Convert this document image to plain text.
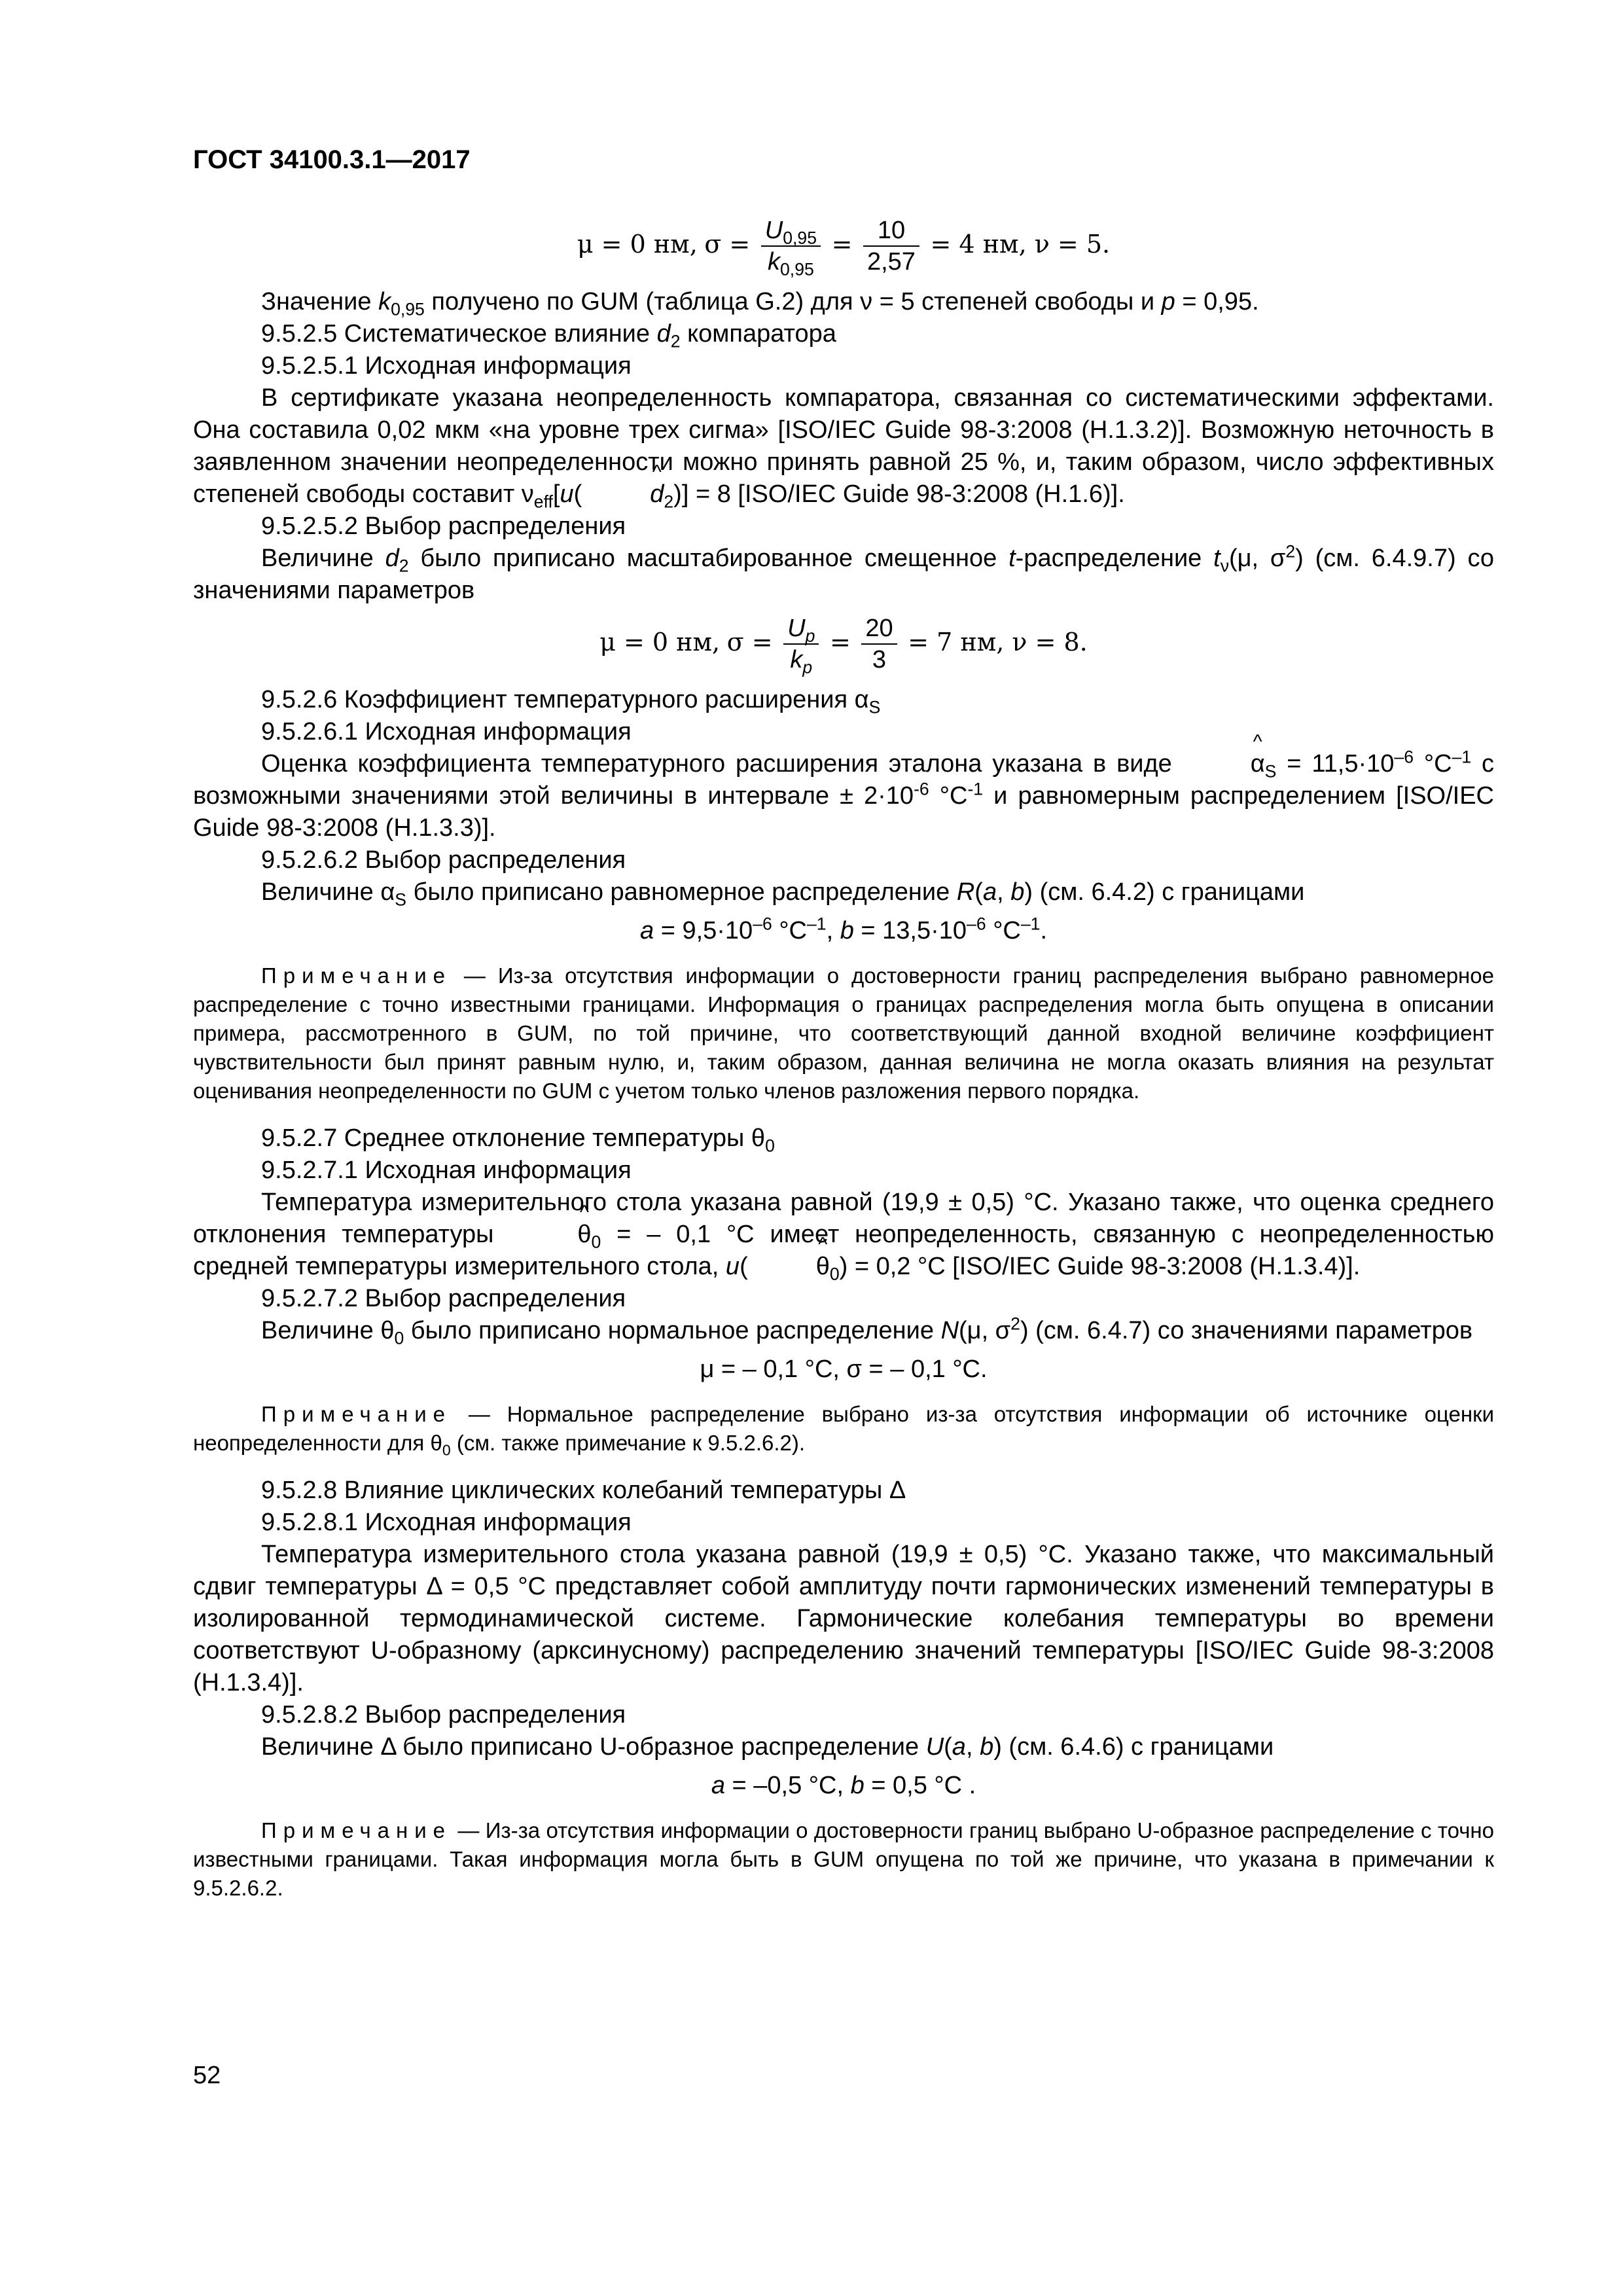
ГОСТ 34100.3.1—2017
μ = 0 нм, $\sigma = \frac{U_{0,95}}{k_{0,95}} = \frac{10}{2,57} = 4$ нм, ν = 5.

Значение $k_{0,95}$ получено по GUM (таблица G.2) для ν = 5 степеней свободы и p = 0,95.

9.5.2.5 Систематическое влияние $d_2$ компаратора

9.5.2.5.1 Исходная информация

В сертификате указана неопределенность компаратора, связанная со систематическими эффектами. Она составила 0,02 мкм «на уровне трех сигма» [ISO/IEC Guide 98-3:2008 (H.1.3.2)]. Возможную неточность в заявленном значении неопределенности можно принять равной 25 %, и, таким образом, число эффективных степеней свободы составит $\nu_{eff}[u(\^{}$	$d_2)] = 8$ [ISO/IEC Guide 98-3:2008 (H.1.6)].

9.5.2.5.2 Выбор распределения

Величине $d_2$ было приписано масштабированное смещенное t-распределение $t_\nu(\mu$, $\sigma^2$) (см. 6.4.9.7) со значениями параметров

μ = 0 нм, $\sigma = \frac{U_p}{k_p} = \frac{20}{3} = 7$ нм, ν = 8.

9.5.2.6 Коэффициент температурного расширения $\alpha_S$

9.5.2.6.1 Исходная информация

Оценка коэффициента температурного расширения эталона указана в виде ^	$\alpha_S = 11,5\cdot 10^{-6}$ $^\circ C^{-1}$ с возможными значениями этой величины в интервале ± $2\cdot 10^{-6}$ $^\circ C^{-1}$ и равномерным распределением [ISO/IEC Guide 98-3:2008 (H.1.3.3)].

9.5.2.6.2 Выбор распределения

Величине $\alpha_S$ было приписано равномерное распределение R(a, b) (см. 6.4.2) с границами

$a = 9,5\cdot 10^{-6}$ $^\circ C^{-1}$, $b = 13,5\cdot 10^{-6}$ $^\circ C^{-1}$.

Примечание — Из-за отсутствия информации о достоверности границ распределения выбрано равномерное распределение с точно известными границами. Информация о границах распределения могла быть опущена в описании примера, рассмотренного в GUM, по той причине, что соответствующий данной входной величине коэффициент чувствительности был принят равным нулю, и, таким образом, данная величина не могла оказать влияния на результат оценивания неопределенности по GUM с учетом только членов разложения первого порядка.

9.5.2.7 Среднее отклонение температуры $\theta_0$

9.5.2.7.1 Исходная информация

Температура измерительного стола указана равной (19,9 ± 0,5) °C. Указано также, что оценка среднего отклонения температуры ^	$\theta_0$ = – 0,1 °C имеет неопределенность, связанную с неопределенностью средней температуры измерительного стола, u(^	$\theta_0) = 0,2$ °C [ISO/IEC Guide 98-3:2008 (H.1.3.4)].

9.5.2.7.2 Выбор распределения

Величине $\theta_0$ было приписано нормальное распределение N(μ, $\sigma^2$) (см. 6.4.7) со значениями параметров

μ = – 0,1 °C, σ = – 0,1 °C.

Примечание — Нормальное распределение выбрано из-за отсутствия информации об источнике оценки неопределенности для $\theta_0$ (см. также примечание к 9.5.2.6.2).

9.5.2.8 Влияние циклических колебаний температуры Δ

9.5.2.8.1 Исходная информация

Температура измерительного стола указана равной (19,9 ± 0,5) °C. Указано также, что максимальный сдвиг температуры Δ = 0,5 °C представляет собой амплитуду почти гармонических изменений температуры в изолированной термодинамической системе. Гармонические колебания температуры во времени соответствуют U-образному (арксинусному) распределению значений температуры [ISO/IEC Guide 98-3:2008 (H.1.3.4)].

9.5.2.8.2 Выбор распределения

Величине Δ было приписано U-образное распределение U(a, b) (см. 6.4.6) с границами

a = –0,5 °C, b = 0,5 °C .

Примечание — Из-за отсутствия информации о достоверности границ выбрано U-образное распределение с точно известными границами. Такая информация могла быть в GUM опущена по той же причине, что указана в примечании к 9.5.2.6.2.

52
